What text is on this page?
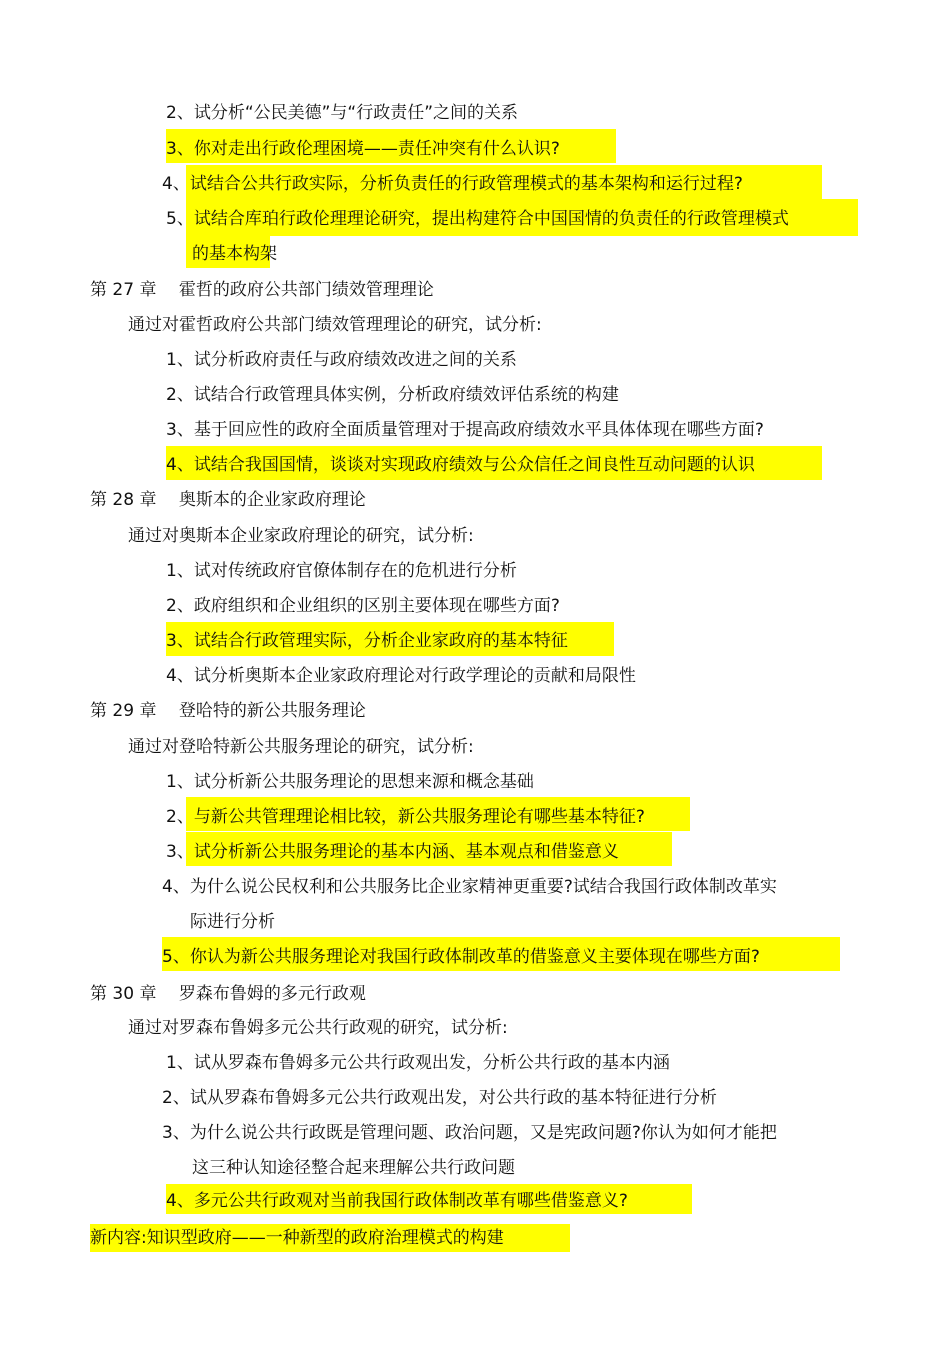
2、试分析“公民美德”与“行政责任”之间的关系
3、你对走出行政伦理困境——责任冲突有什么认识?
4、试结合公共行政实际，分析负责任的行政管理模式的基本架构和运行过程?
5、试结合库珀行政伦理理论研究，提出构建符合中国国情的负责任的行政管理模式
的基本构架
第 27 章　 霍哲的政府公共部门绩效管理理论
通过对霍哲政府公共部门绩效管理理论的研究，试分析:
1、试分析政府责任与政府绩效改进之间的关系
2、试结合行政管理具体实例，分析政府绩效评估系统的构建
3、基于回应性的政府全面质量管理对于提高政府绩效水平具体体现在哪些方面?
4、试结合我国国情，谈谈对实现政府绩效与公众信任之间良性互动问题的认识
第 28 章　 奥斯本的企业家政府理论
通过对奥斯本企业家政府理论的研究，试分析:
1、试对传统政府官僚体制存在的危机进行分析
2、政府组织和企业组织的区别主要体现在哪些方面?
3、试结合行政管理实际，分析企业家政府的基本特征
4、试分析奥斯本企业家政府理论对行政学理论的贡献和局限性
第 29 章　 登哈特的新公共服务理论
通过对登哈特新公共服务理论的研究，试分析:
1、试分析新公共服务理论的思想来源和概念基础
2、与新公共管理理论相比较，新公共服务理论有哪些基本特征?
3、试分析新公共服务理论的基本内涵、基本观点和借鉴意义
4、为什么说公民权利和公共服务比企业家精神更重要?试结合我国行政体制改革实
际进行分析
5、你认为新公共服务理论对我国行政体制改革的借鉴意义主要体现在哪些方面?
第 30 章　 罗森布鲁姆的多元行政观
通过对罗森布鲁姆多元公共行政观的研究，试分析:
1、试从罗森布鲁姆多元公共行政观出发，分析公共行政的基本内涵
2、试从罗森布鲁姆多元公共行政观出发，对公共行政的基本特征进行分析
3、为什么说公共行政既是管理问题、政治问题，又是宪政问题?你认为如何才能把
这三种认知途径整合起来理解公共行政问题
4、多元公共行政观对当前我国行政体制改革有哪些借鉴意义?
新内容:知识型政府——一种新型的政府治理模式的构建
